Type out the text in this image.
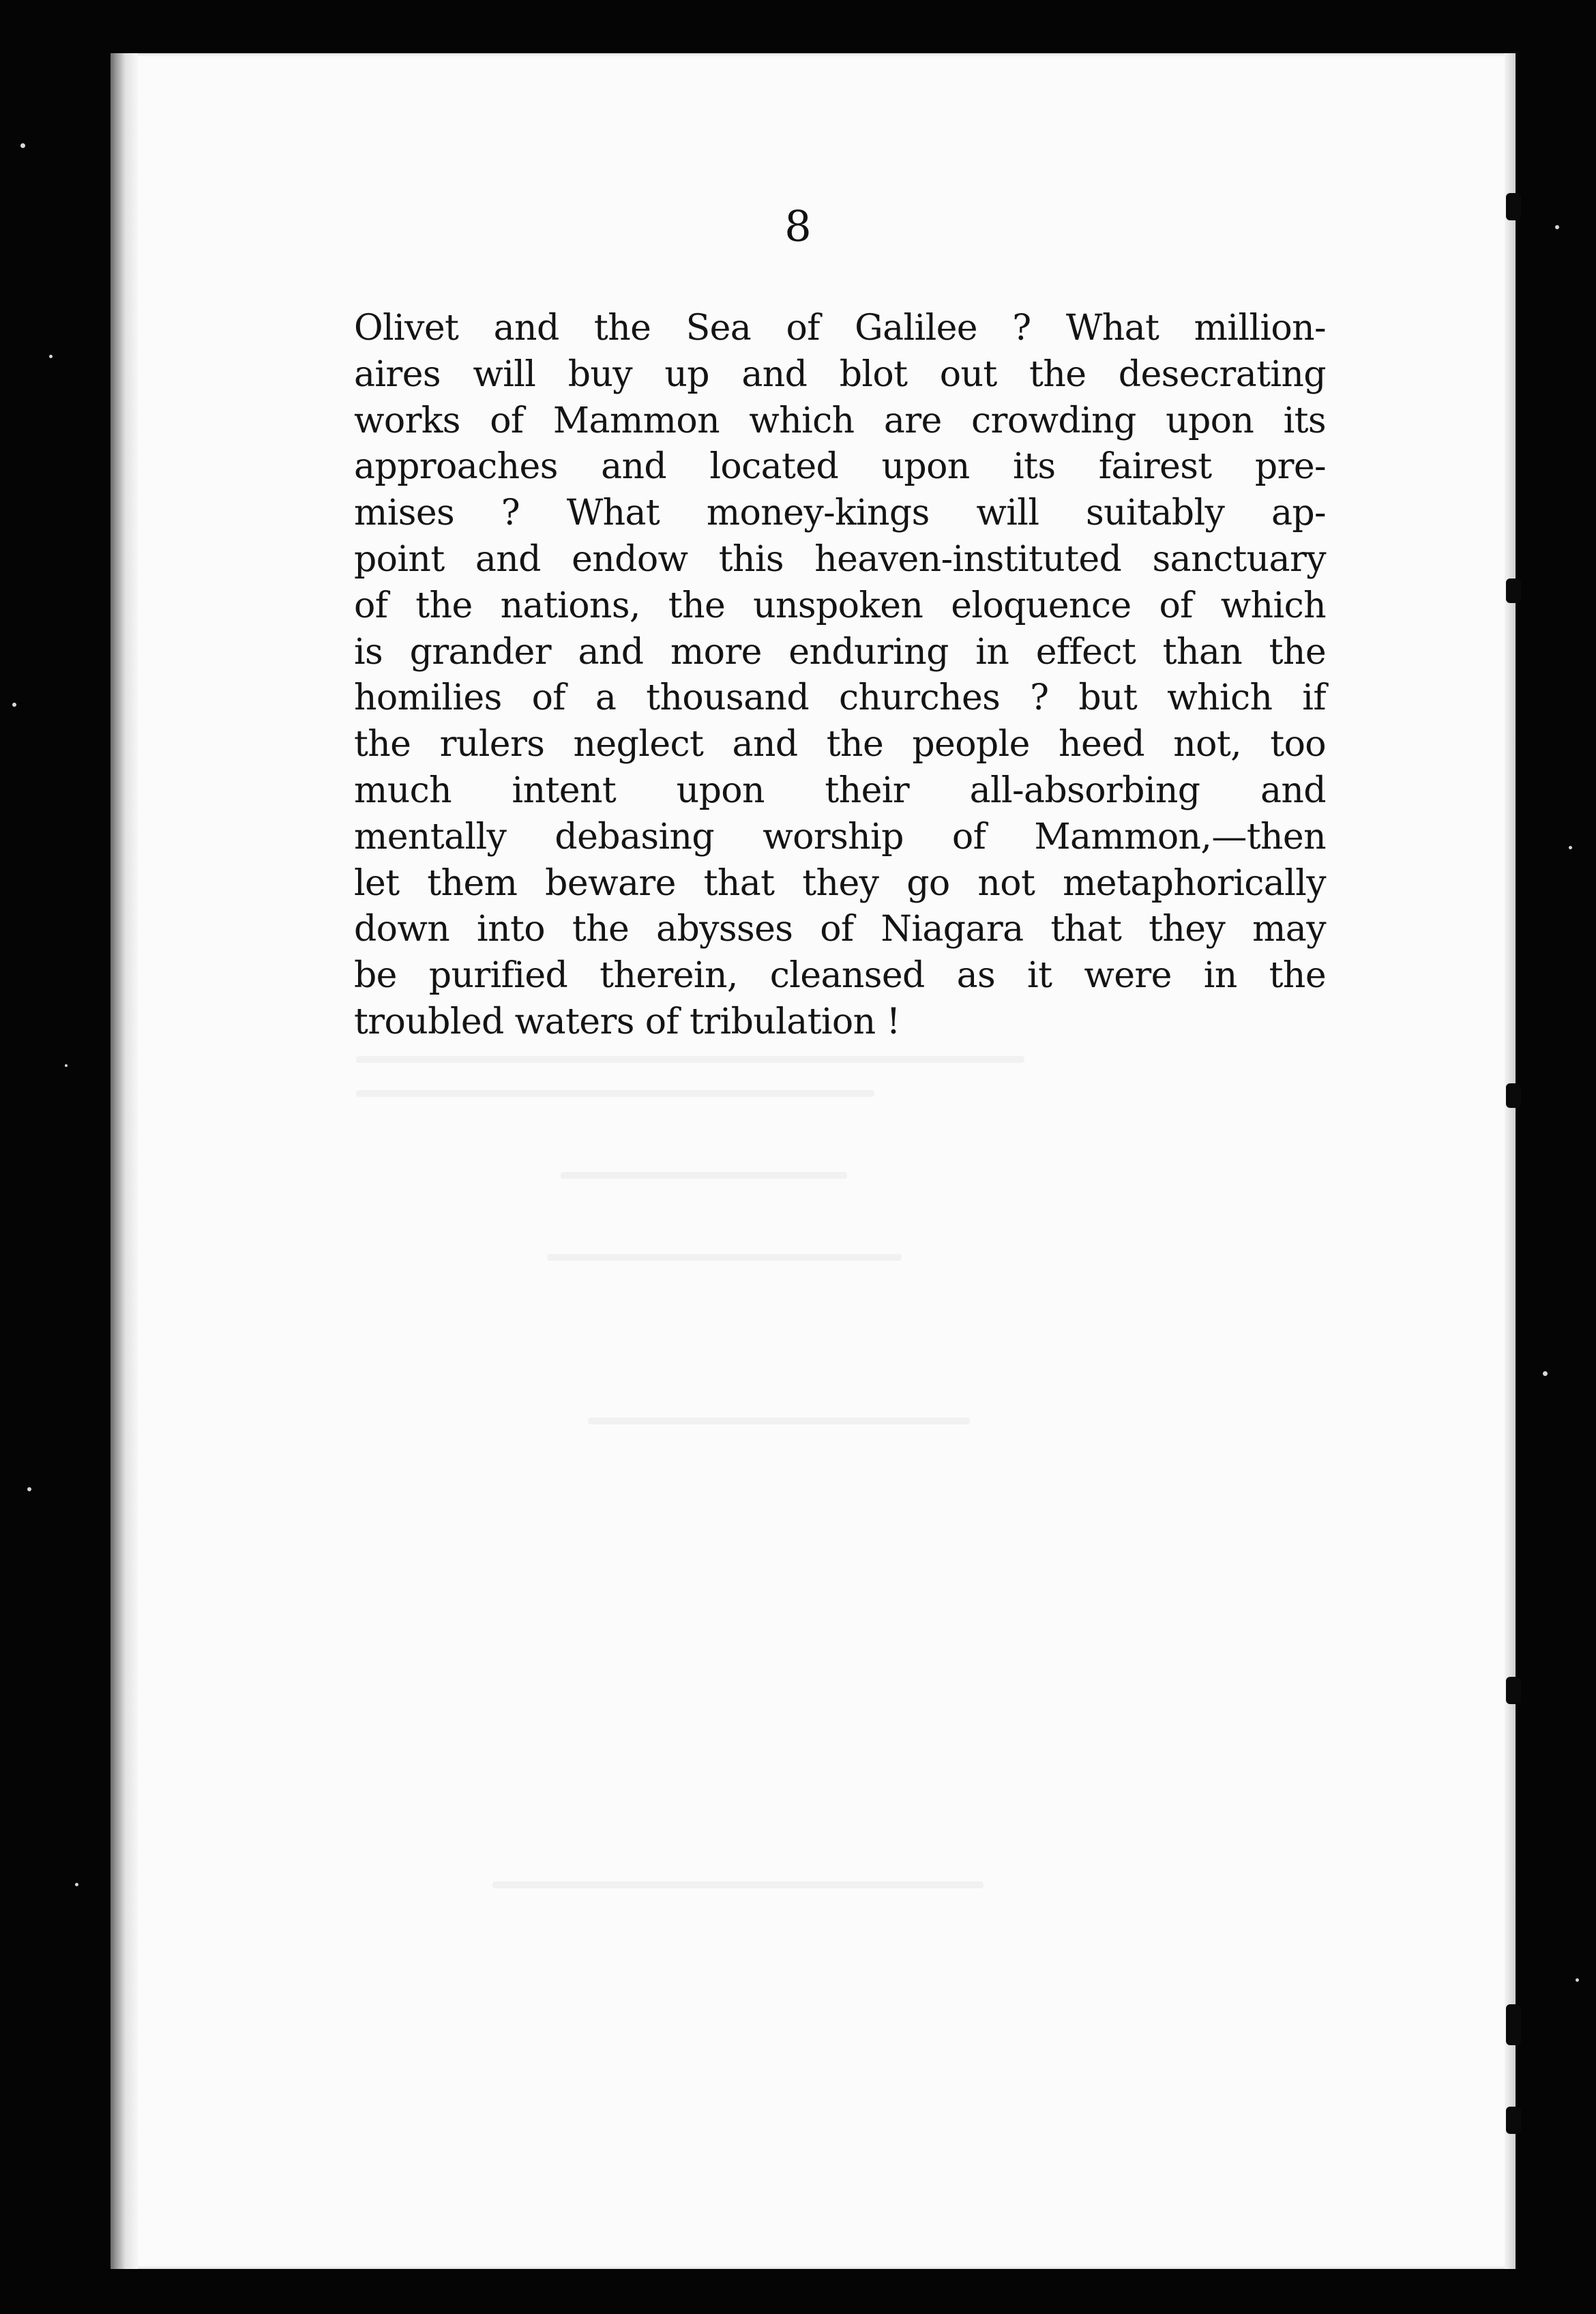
8

Olivet and the Sea of Galilee ? What million-
aires will buy up and blot out the desecrating
works of Mammon which are crowding upon its
approaches and located upon its fairest pre-
mises ? What money-kings will suitably ap-
point and endow this heaven-instituted sanctuary
of the nations, the unspoken eloquence of which
is grander and more enduring in effect than the
homilies of a thousand churches ? but which if
the rulers neglect and the people heed not, too
much intent upon their all-absorbing and
mentally debasing worship of Mammon,—then
let them beware that they go not metaphorically
down into the abysses of Niagara that they may
be purified therein, cleansed as it were in the
troubled waters of tribulation !
